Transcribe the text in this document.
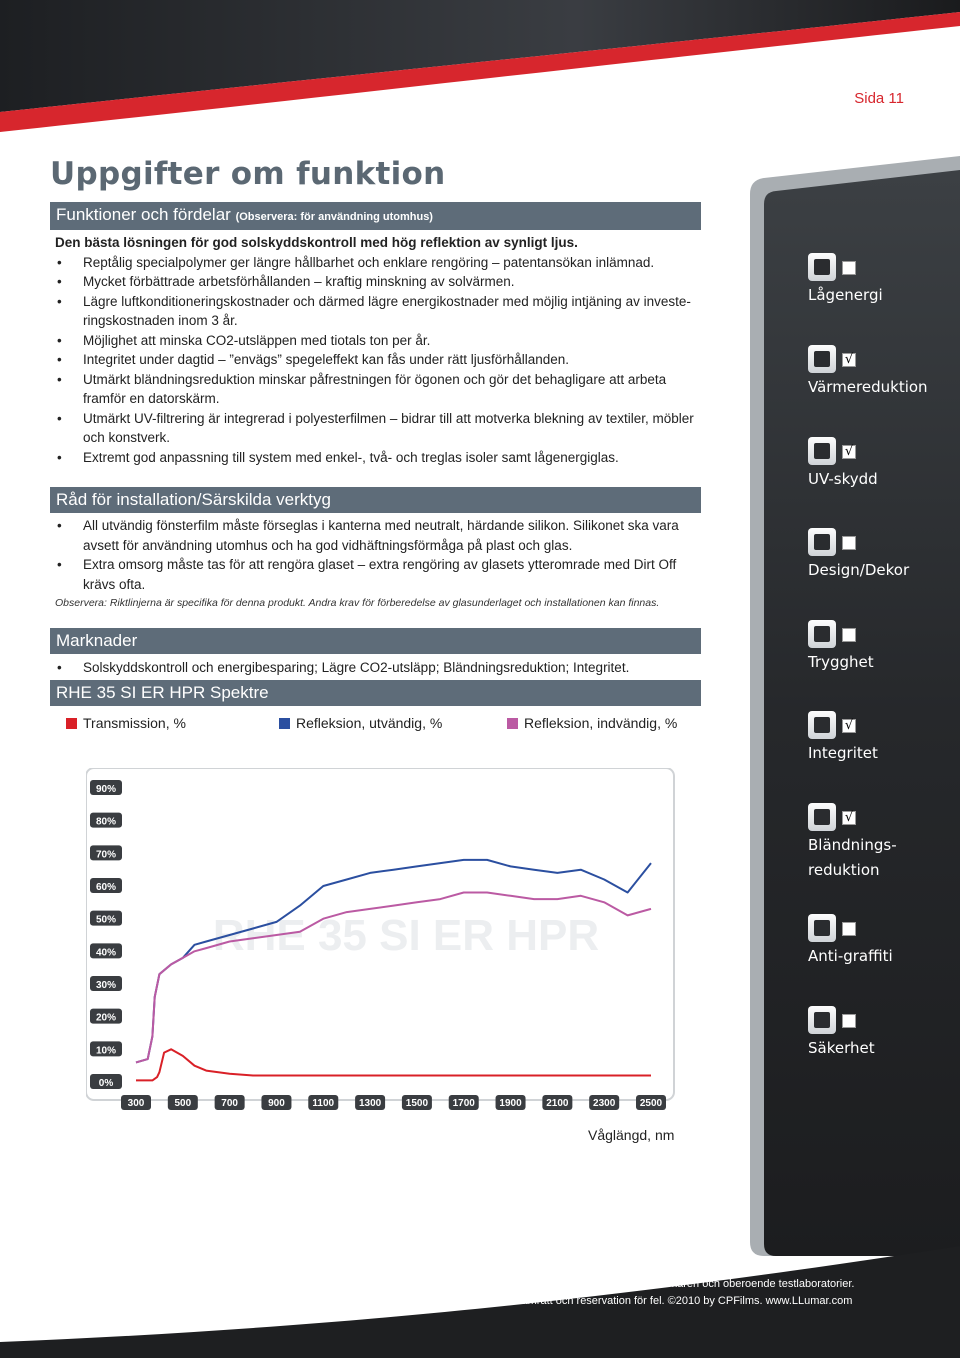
Sida 11
Uppgifter om funktion
Funktioner och fördelar (Observera: för användning utomhus)
Den bästa lösningen för god solskyddskontroll med hög reflektion av synligt ljus.
• Reptålig specialpolymer ger längre hållbarhet och enklare rengöring – patentansökan inlämnad.
• Mycket förbättrade arbetsförhållanden – kraftig minskning av solvärmen.
• Lägre luftkonditioneringskostnader och därmed lägre energikostnader med möjlig intjäning av investe-ringskostnaden inom 3 år.
• Möjlighet att minska CO2-utsläppen med tiotals ton per år.
• Integritet under dagtid – ”envägs” spegeleffekt kan fås under rätt ljusförhållanden.
• Utmärkt bländningsreduktion minskar påfrestningen för ögonen och gör det behagligare att arbeta framför en datorskärm.
• Utmärkt UV-filtrering är integrerad i polyesterfilmen – bidrar till att motverka blekning av textiler, möbler och konstverk.
• Extremt god anpassning till system med enkel-, två- och treglas isoler samt lågenergiglas.
Råd för installation/Särskilda verktyg
• All utvändig fönsterfilm måste förseglas i kanterna med neutralt, härdande silikon. Silikonet ska vara avsett för användning utomhus och ha god vidhäftningsförmåga på plast och glas.
• Extra omsorg måste tas för att rengöra glaset – extra rengöring av glasets ytteromrade med Dirt Off krävs ofta.
Observera: Riktlinjerna är specifika för denna produkt. Andra krav för förberedelse av glasunderlaget och installationen kan finnas.
Marknader
• Solskyddskontroll och energibesparing; Lägre CO2-utsläpp; Bländningsreduktion; Integritet.
RHE 35 SI ER HPR Spektre
Transmission, %	Refleksion, utvändig, %	Refleksion, indvändig, %
RHE 35 SI ER HPR
0%
10%
20%
30%
40%
50%
60%
70%
80%
90%
300	500	700	900	1100 1300 1500 1700 1900 2100 2300 2500
Våglängd, nm
Lågenergi
√
Värmereduktion
√
UV-skydd
Design/Dekor
Trygghet
√
Integritet
√
Bländnings-
reduktion
Anti-graffiti
Säkerhet
Alla värden på de tekniska parametrarna bestäms av tillverkaren och oberoende testlaboratorier.
Version 1.00.0210 Med ensamrätt och reservation för fel. ©2010 by CPFilms. www.LLumar.com
